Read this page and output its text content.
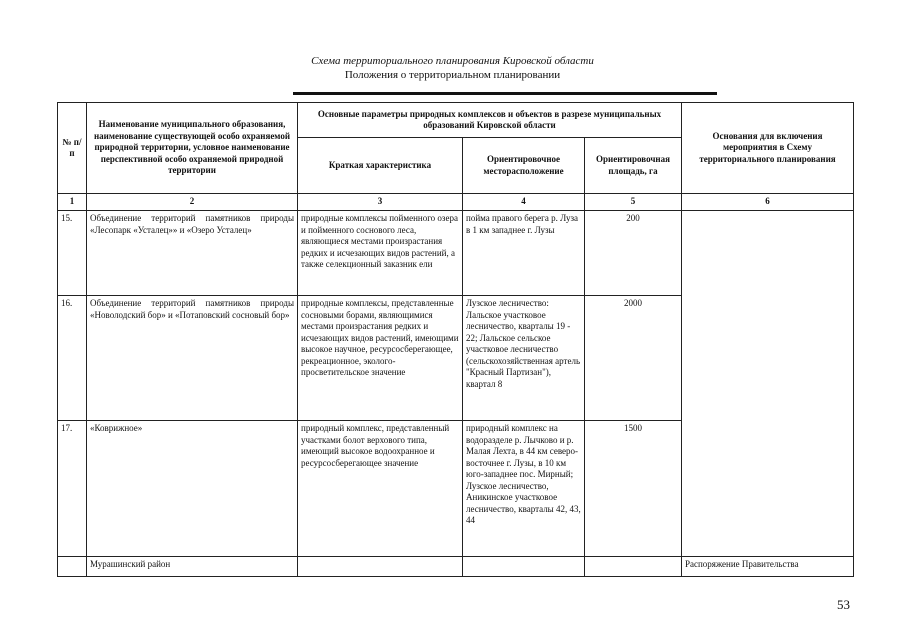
Схема территориального планирования Кировской области
Положения о территориальном планировании
№ п/п	Наименование муниципального образования, наименование существующей особо охраняемой природной территории, условное наименование перспективной особо охраняемой природной территории	Основные параметры природных комплексов и объектов в разрезе муниципальных образований Кировской области			Основания для включения мероприятия в Схему территориального планирования
		Краткая характеристика	Ориентировочное месторасположение	Ориентировочная площадь, га	
1	2	3	4	5	6
15.	Объединение территорий памятников природы «Лесопарк «Усталец»» и «Озеро Усталец»	природные комплексы пойменного озера и пойменного соснового леса, являющиеся местами произрастания редких и исчезающих видов растений, а также селекционный заказник ели	пойма правого берега р. Луза в 1 км западнее г. Лузы	200	
16.	Объединение территорий памятников природы «Новолодский бор» и «Потаповский сосновый бор»	природные комплексы, представленные сосновыми борами, являющимися местами произрастания редких и исчезающих видов растений, имеющими высокое научное, ресурсосберегающее, рекреационное, эколого-просветительское значение	Лузское лесничество: Лальское участковое лесничество, кварталы 19 - 22; Лальское сельское участковое лесничество (сельскохозяйственная артель "Красный Партизан"), квартал 8	2000	
17.	«Коврижное»	природный комплекс, представленный участками болот верхового типа, имеющий высокое водоохранное и ресурсосберегающее значение	природный комплекс на водоразделе р. Лычково и р. Малая Лехта, в 44 км северо-восточнее г. Лузы, в 10 км юго-западнее пос. Мирный; Лузское лесничество, Аникинское участковое лесничество, кварталы 42, 43, 44	1500	
	Мурашинский район				Распоряжение Правительства
53
